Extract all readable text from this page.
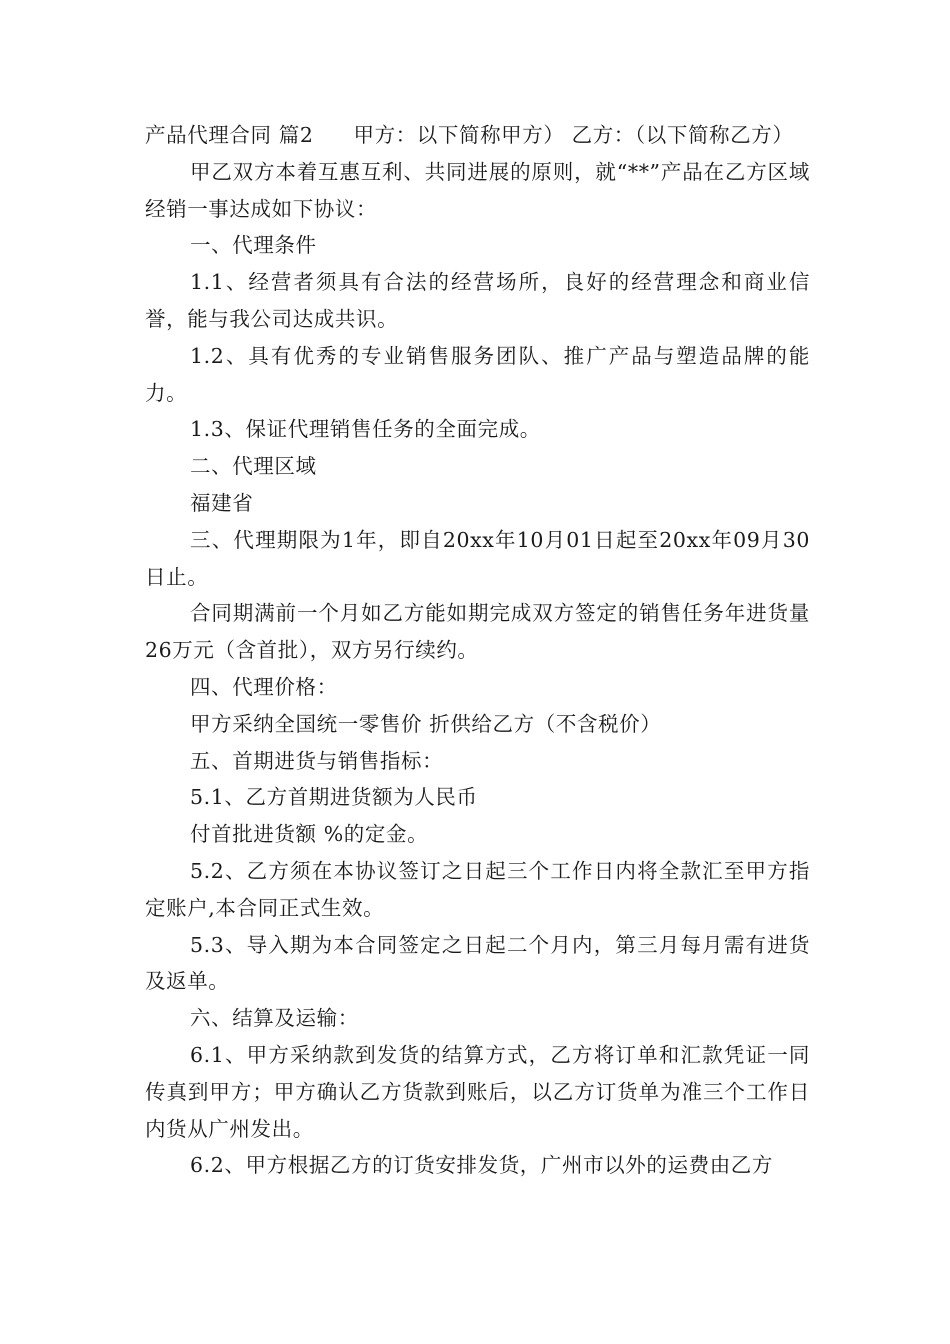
产品代理合同 篇2 甲方：以下简称甲方） 乙方：（以下简称乙方）

甲乙双方本着互惠互利、共同进展的原则，就“**”产品在乙方区域经销一事达成如下协议：

一、代理条件

1.1、经营者须具有合法的经营场所，良好的经营理念和商业信誉，能与我公司达成共识。

1.2、具有优秀的专业销售服务团队、推广产品与塑造品牌的能力。

1.3、保证代理销售任务的全面完成。

二、代理区域

福建省

三、代理期限为1年，即自20xx年10月01日起至20xx年09月30日止。

合同期满前一个月如乙方能如期完成双方签定的销售任务年进货量26万元（含首批），双方另行续约。

四、代理价格：

甲方采纳全国统一零售价 折供给乙方（不含税价）

五、首期进货与销售指标：

5.1、乙方首期进货额为人民币

付首批进货额 %的定金。

5.2、乙方须在本协议签订之日起三个工作日内将全款汇至甲方指定账户,本合同正式生效。

5.3、导入期为本合同签定之日起二个月内，第三月每月需有进货及返单。

六、结算及运输：

6.1、甲方采纳款到发货的结算方式，乙方将订单和汇款凭证一同传真到甲方；甲方确认乙方货款到账后，以乙方订货单为准三个工作日内货从广州发出。

6.2、甲方根据乙方的订货安排发货，广州市以外的运费由乙方
